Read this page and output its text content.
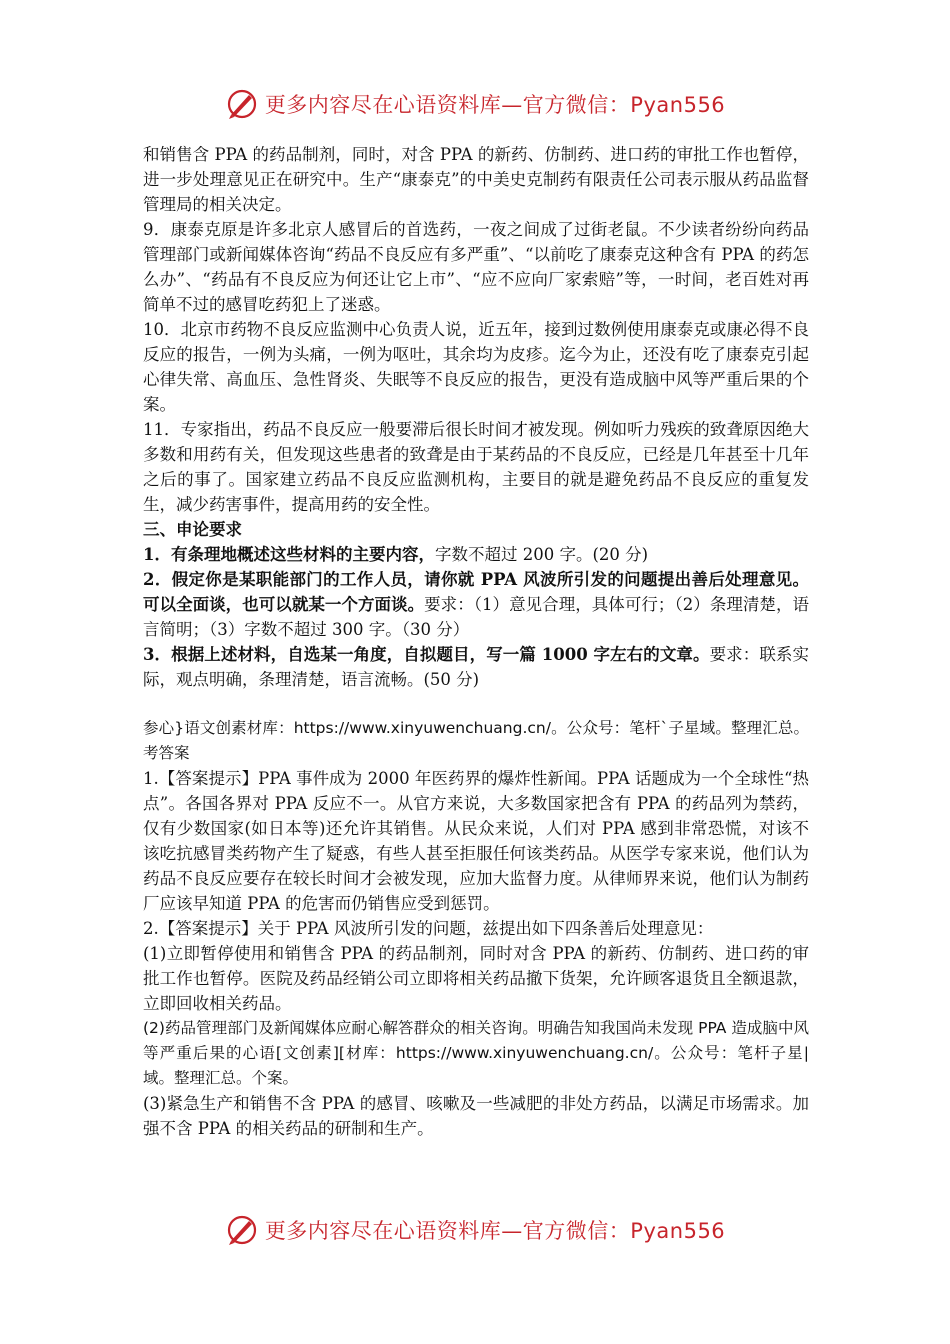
更多内容尽在心语资料库—官方微信：Pyan556

和销售含 PPA 的药品制剂，同时，对含 PPA 的新药、仿制药、进口药的审批工作也暂停，进一步处理意见正在研究中。生产“康泰克”的中美史克制药有限责任公司表示服从药品监督管理局的相关决定。

9．康泰克原是许多北京人感冒后的首选药，一夜之间成了过街老鼠。不少读者纷纷向药品管理部门或新闻媒体咨询“药品不良反应有多严重”、“以前吃了康泰克这种含有 PPA 的药怎么办”、“药品有不良反应为何还让它上市”、“应不应向厂家索赔”等，一时间，老百姓对再简单不过的感冒吃药犯上了迷惑。

10．北京市药物不良反应监测中心负责人说，近五年，接到过数例使用康泰克或康必得不良反应的报告，一例为头痛，一例为呕吐，其余均为皮疹。迄今为止，还没有吃了康泰克引起心律失常、高血压、急性肾炎、失眠等不良反应的报告，更没有造成脑中风等严重后果的个案。

11．专家指出，药品不良反应一般要滞后很长时间才被发现。例如听力残疾的致聋原因绝大多数和用药有关，但发现这些患者的致聋是由于某药品的不良反应，已经是几年甚至十几年之后的事了。国家建立药品不良反应监测机构，主要目的就是避免药品不良反应的重复发生，减少药害事件，提高用药的安全性。

三、申论要求

1．有条理地概述这些材料的主要内容，字数不超过 200 字。(20 分)

2．假定你是某职能部门的工作人员，请你就 PPA 风波所引发的问题提出善后处理意见。可以全面谈，也可以就某一个方面谈。要求：（1）意见合理，具体可行；（2）条理清楚，语言简明；（3）字数不超过 300 字。（30 分）

3．根据上述材料，自选某一角度，自拟题目，写一篇 1000 字左右的文章。要求：联系实际，观点明确，条理清楚，语言流畅。(50 分)

参心}语文创素材库：https://www.xinyuwenchuang.cn/。公众号：笔杆`子星域。整理汇总。考答案

1.【答案提示】PPA 事件成为 2000 年医药界的爆炸性新闻。PPA 话题成为一个全球性“热点”。各国各界对 PPA 反应不一。从官方来说，大多数国家把含有 PPA 的药品列为禁药，仅有少数国家(如日本等)还允许其销售。从民众来说，人们对 PPA 感到非常恐慌，对该不该吃抗感冒类药物产生了疑惑，有些人甚至拒服任何该类药品。从医学专家来说，他们认为药品不良反应要存在较长时间才会被发现，应加大监督力度。从律师界来说，他们认为制药厂应该早知道 PPA 的危害而仍销售应受到惩罚。

2.【答案提示】关于 PPA 风波所引发的问题，兹提出如下四条善后处理意见：

(1)立即暂停使用和销售含 PPA 的药品制剂，同时对含 PPA 的新药、仿制药、进口药的审批工作也暂停。医院及药品经销公司立即将相关药品撤下货架，允许顾客退货且全额退款，立即回收相关药品。

(2)药品管理部门及新闻媒体应耐心解答群众的相关咨询。明确告知我国尚未发现 PPA 造成脑中风等严重后果的心语[文创素][材库：https://www.xinyuwenchuang.cn/。公众号：笔杆子星|域。整理汇总。个案。

(3)紧急生产和销售不含 PPA 的感冒、咳嗽及一些减肥的非处方药品，以满足市场需求。加强不含 PPA 的相关药品的研制和生产。

更多内容尽在心语资料库—官方微信：Pyan556
